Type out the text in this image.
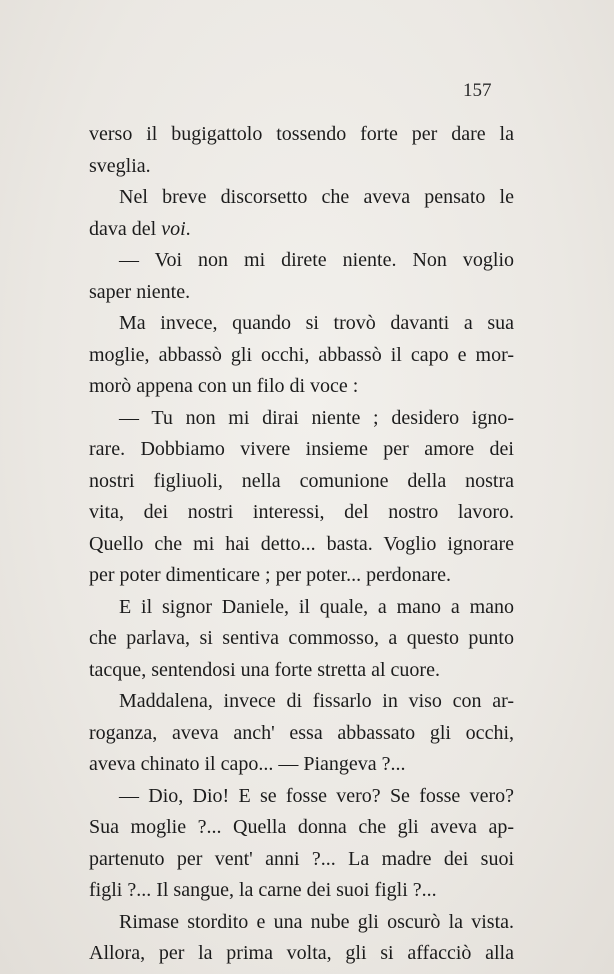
157
verso il bugigattolo tossendo forte per dare la
sveglia.
Nel breve discorsetto che aveva pensato le
dava del voi.
— Voi non mi direte niente. Non voglio
saper niente.
Ma invece, quando si trovò davanti a sua
moglie, abbassò gli occhi, abbassò il capo e mor-
morò appena con un filo di voce :
— Tu non mi dirai niente ; desidero igno-
rare. Dobbiamo vivere insieme per amore dei
nostri figliuoli, nella comunione della nostra
vita, dei nostri interessi, del nostro lavoro.
Quello che mi hai detto... basta. Voglio ignorare
per poter dimenticare ; per poter... perdonare.
E il signor Daniele, il quale, a mano a mano
che parlava, si sentiva commosso, a questo punto
tacque, sentendosi una forte stretta al cuore.
Maddalena, invece di fissarlo in viso con ar-
roganza, aveva anch' essa abbassato gli occhi,
aveva chinato il capo... — Piangeva ?...
— Dio, Dio! E se fosse vero? Se fosse vero?
Sua moglie ?... Quella donna che gli aveva ap-
partenuto per vent' anni ?... La madre dei suoi
figli ?... Il sangue, la carne dei suoi figli ?...
Rimase stordito e una nube gli oscurò la vista.
Allora, per la prima volta, gli si affacciò alla
